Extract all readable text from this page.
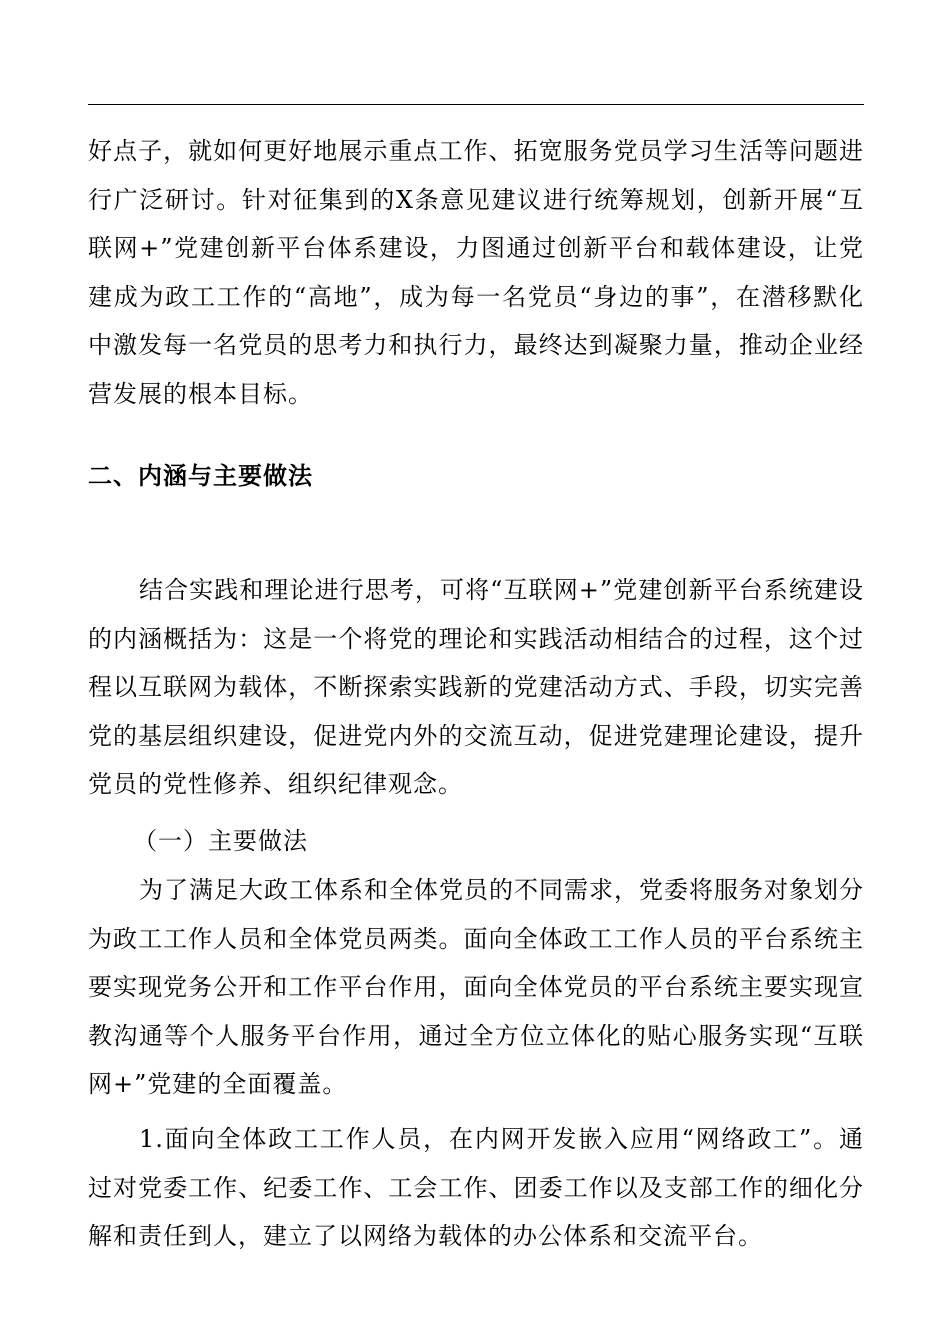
好点子，就如何更好地展示重点工作、拓宽服务党员学习生活等问题进行广泛研讨。针对征集到的X条意见建议进行统筹规划，创新开展“互联网+”党建创新平台体系建设，力图通过创新平台和载体建设，让党建成为政工工作的“高地”，成为每一名党员“身边的事”，在潜移默化中激发每一名党员的思考力和执行力，最终达到凝聚力量，推动企业经营发展的根本目标。

二、内涵与主要做法

结合实践和理论进行思考，可将“互联网+”党建创新平台系统建设的内涵概括为：这是一个将党的理论和实践活动相结合的过程，这个过程以互联网为载体，不断探索实践新的党建活动方式、手段，切实完善党的基层组织建设，促进党内外的交流互动，促进党建理论建设，提升党员的党性修养、组织纪律观念。

（一）主要做法

为了满足大政工体系和全体党员的不同需求，党委将服务对象划分为政工工作人员和全体党员两类。面向全体政工工作人员的平台系统主要实现党务公开和工作平台作用，面向全体党员的平台系统主要实现宣教沟通等个人服务平台作用，通过全方位立体化的贴心服务实现“互联网+”党建的全面覆盖。

1.面向全体政工工作人员，在内网开发嵌入应用“网络政工”。通过对党委工作、纪委工作、工会工作、团委工作以及支部工作的细化分解和责任到人，建立了以网络为载体的办公体系和交流平台。
